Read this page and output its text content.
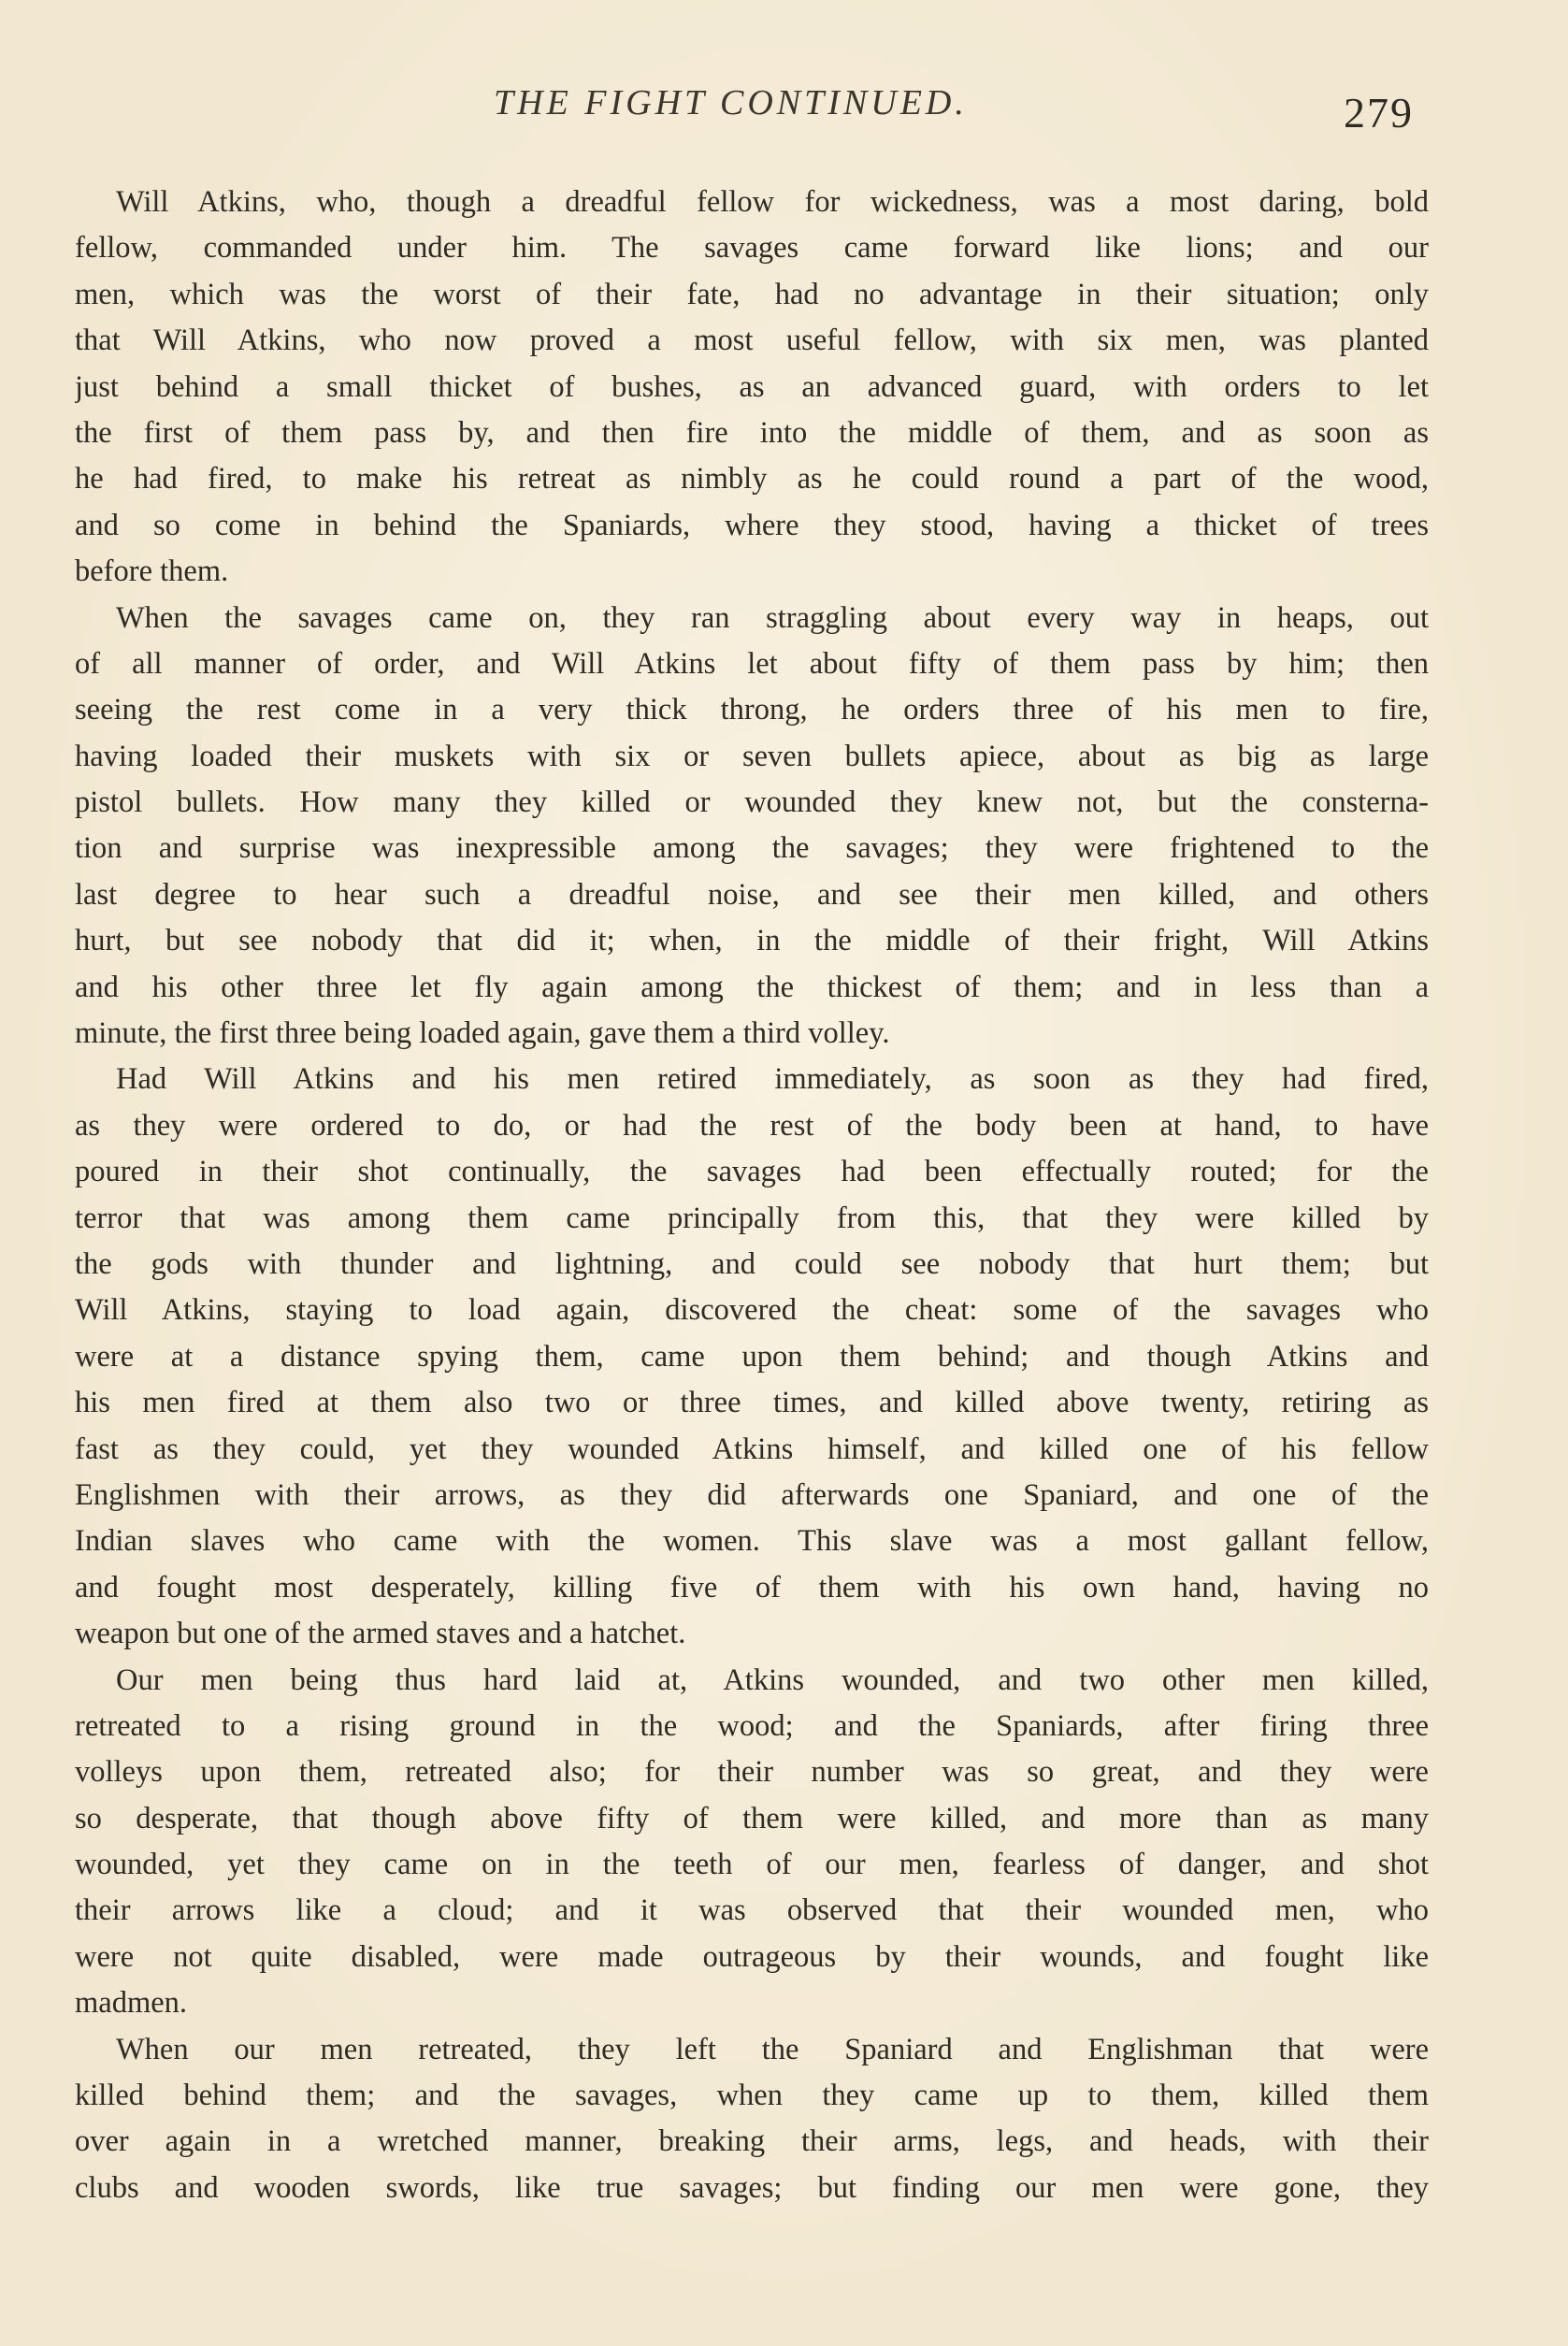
THE FIGHT CONTINUED.	279
Will Atkins, who, though a dreadful fellow for wickedness, was a most daring, bold
fellow, commanded under him. The savages came forward like lions; and our
men, which was the worst of their fate, had no advantage in their situation; only
that Will Atkins, who now proved a most useful fellow, with six men, was planted
just behind a small thicket of bushes, as an advanced guard, with orders to let
the first of them pass by, and then fire into the middle of them, and as soon as
he had fired, to make his retreat as nimbly as he could round a part of the wood,
and so come in behind the Spaniards, where they stood, having a thicket of trees
before them.
When the savages came on, they ran straggling about every way in heaps, out
of all manner of order, and Will Atkins let about fifty of them pass by him; then
seeing the rest come in a very thick throng, he orders three of his men to fire,
having loaded their muskets with six or seven bullets apiece, about as big as large
pistol bullets. How many they killed or wounded they knew not, but the consterna-
tion and surprise was inexpressible among the savages; they were frightened to the
last degree to hear such a dreadful noise, and see their men killed, and others
hurt, but see nobody that did it; when, in the middle of their fright, Will Atkins
and his other three let fly again among the thickest of them; and in less than a
minute, the first three being loaded again, gave them a third volley.
Had Will Atkins and his men retired immediately, as soon as they had fired,
as they were ordered to do, or had the rest of the body been at hand, to have
poured in their shot continually, the savages had been effectually routed; for the
terror that was among them came principally from this, that they were killed by
the gods with thunder and lightning, and could see nobody that hurt them; but
Will Atkins, staying to load again, discovered the cheat: some of the savages who
were at a distance spying them, came upon them behind; and though Atkins and
his men fired at them also two or three times, and killed above twenty, retiring as
fast as they could, yet they wounded Atkins himself, and killed one of his fellow
Englishmen with their arrows, as they did afterwards one Spaniard, and one of the
Indian slaves who came with the women. This slave was a most gallant fellow,
and fought most desperately, killing five of them with his own hand, having no
weapon but one of the armed staves and a hatchet.
Our men being thus hard laid at, Atkins wounded, and two other men killed,
retreated to a rising ground in the wood; and the Spaniards, after firing three
volleys upon them, retreated also; for their number was so great, and they were
so desperate, that though above fifty of them were killed, and more than as many
wounded, yet they came on in the teeth of our men, fearless of danger, and shot
their arrows like a cloud; and it was observed that their wounded men, who
were not quite disabled, were made outrageous by their wounds, and fought like
madmen.
When our men retreated, they left the Spaniard and Englishman that were
killed behind them; and the savages, when they came up to them, killed them
over again in a wretched manner, breaking their arms, legs, and heads, with their
clubs and wooden swords, like true savages; but finding our men were gone, they
